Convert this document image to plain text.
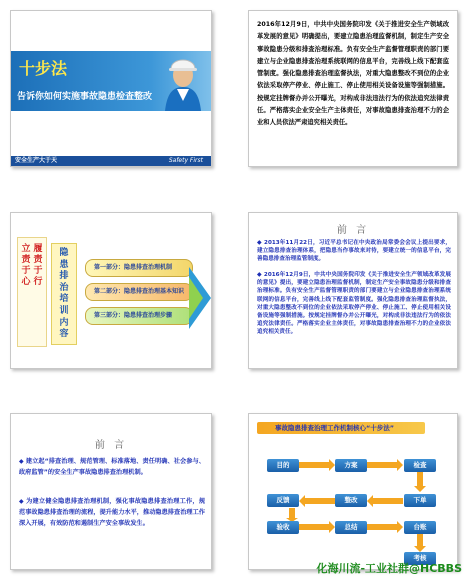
十步法
告诉你如何实施事故隐患检查整改
安全生产大于天	Safety First
2016年12月9日，中共中央国务院印发《关于推进安全生产领域改革发展的意见》明确提出，要建立隐患治理监督机制，制定生产安全事故隐患分级和排查治理标准。负有安全生产监督管理职责的部门要建立与企业隐患排查治理系统联网的信息平台，完善线上线下配套监管制度。强化隐患排查治理监督执法，对重大隐患整改不到位的企业依法采取停产停业、停止施工、停止使用相关设备设施等强制措施。按规定挂牌督办并公开曝光，对构成非法违法行为的依法追究法律责任。严格落实企业安全生产主体责任，对事故隐患排查治理不力的企业和人员依法严肃追究相关责任。
立责于心
履责于行
隐患排治培训内容
第一部分：隐患排查治理机制
第二部分：隐患排查治理基本知识
第三部分：隐患排查治理步骤
前 言
◆ 2013年11月22日，习近平总书记在中央政治局常委会会议上提出要求，建立隐患排查治理体系，把隐患当作事故来对待，要建立统一的信息平台，完善隐患排查治理监管制度。
◆ 2016年12月9日，中共中央国务院印发《关于推进安全生产领域改革发展的意见》提出，要建立隐患治理监督机制，制定生产安全事故隐患分级和排查治理标准。负有安全生产监督管理职责的部门要建立与企业隐患排查治理系统联网的信息平台，完善线上线下配套监管制度。强化隐患排查治理监督执法，对重大隐患整改不到位的企业依法采取停产停业、停止施工、停止使用相关设备设施等强制措施。按规定挂牌督办并公开曝光，对构成非法违法行为的依法追究法律责任。严格落实企业主体责任，对事故隐患排查治理不力的企业依法追究相关责任。
前 言
◆ 建立起“排查治理、规范管理、标准落地、责任明确、社会参与、政府监管”的安全生产事故隐患排查治理机制。
◆ 为建立健全隐患排查治理机制，强化事故隐患排查治理工作，规范事故隐患排查治理的流程，提升能力水平，推动隐患排查治理工作深入开展，有效防范和遏制生产安全事故发生。
事故隐患排查治理工作机制核心“十步法”
目的	方案	检查
反馈	整改	下单
验收	总结	台账
考核
化海川流-工业社群@HCBBS
